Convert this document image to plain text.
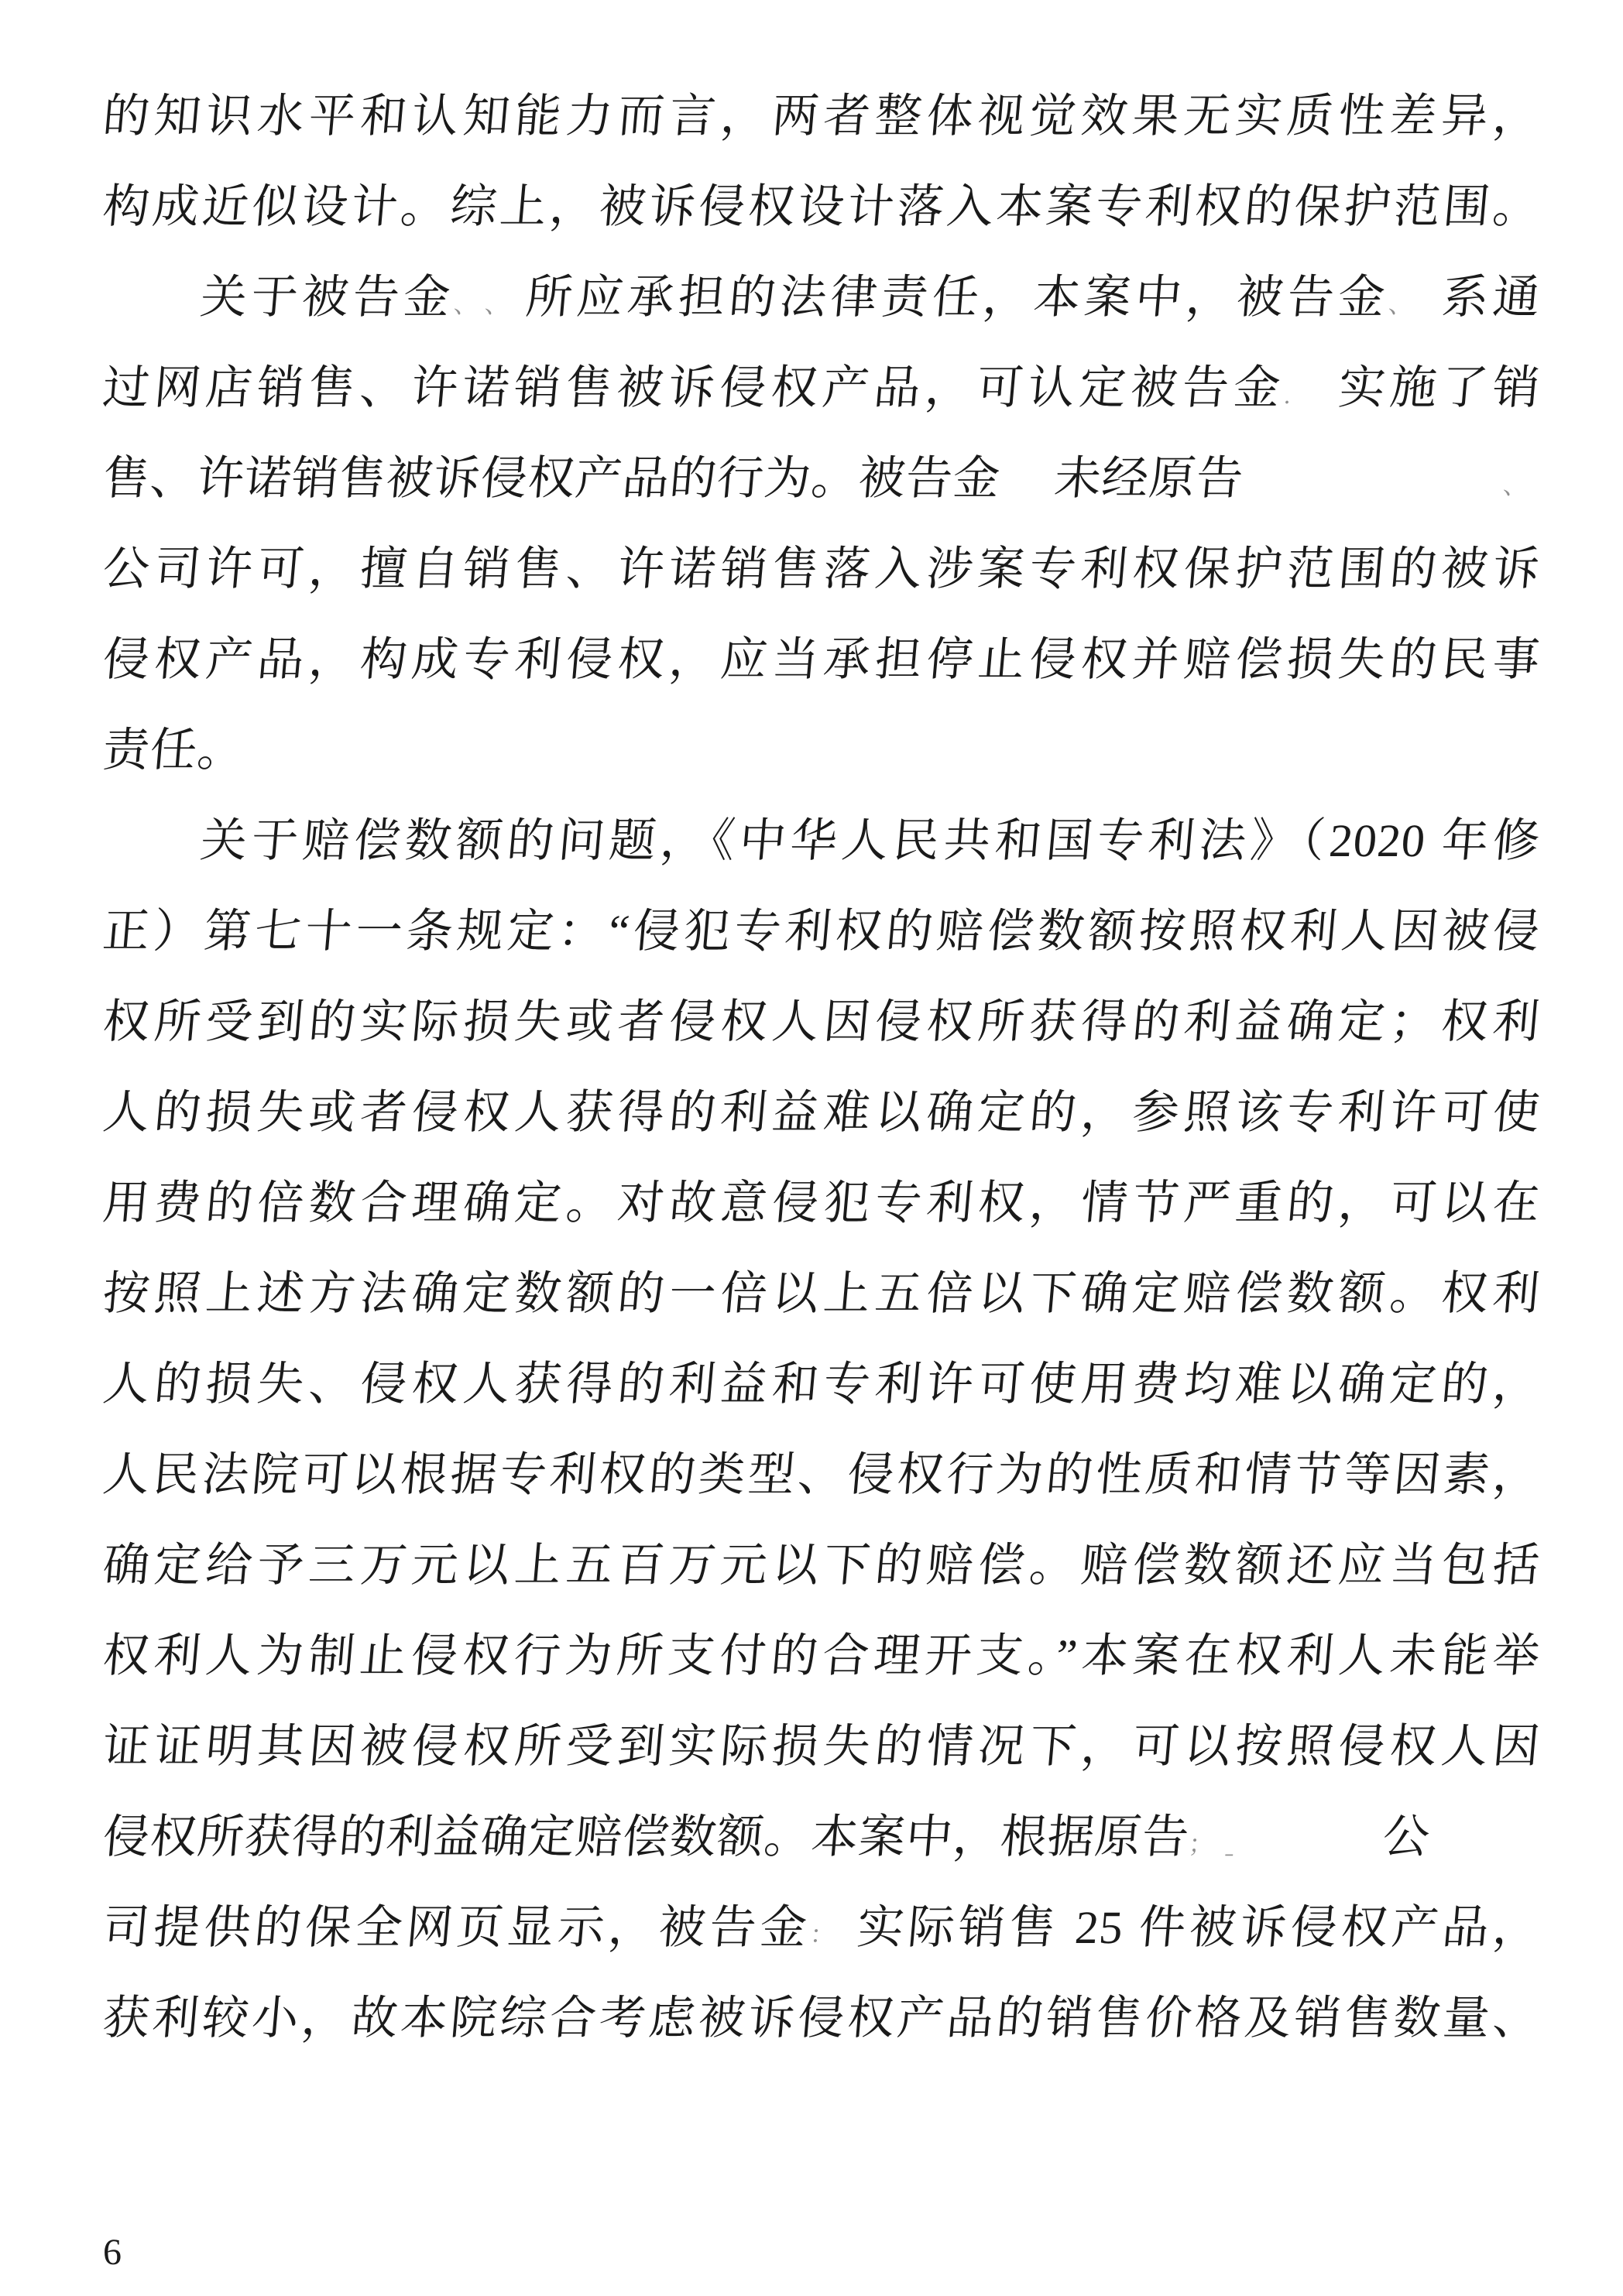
的知识水平和认知能力而言，两者整体视觉效果无实质性差异，
构成近似设计。综上，被诉侵权设计落入本案专利权的保护范围。
关于被告金、、所应承担的法律责任，本案中，被告金、 系通
过网店销售、许诺销售被诉侵权产品，可认定被告金. 实施了销
售、许诺销售被诉侵权产品的行为。被告金 未经原告	、
公司许可，擅自销售、许诺销售落入涉案专利权保护范围的被诉
侵权产品，构成专利侵权，应当承担停止侵权并赔偿损失的民事
责任。
关于赔偿数额的问题，《中华人民共和国专利法》（2020 年修
正）第七十一条规定：“侵犯专利权的赔偿数额按照权利人因被侵
权所受到的实际损失或者侵权人因侵权所获得的利益确定；权利
人的损失或者侵权人获得的利益难以确定的，参照该专利许可使
用费的倍数合理确定。对故意侵犯专利权，情节严重的，可以在
按照上述方法确定数额的一倍以上五倍以下确定赔偿数额。权利
人的损失、侵权人获得的利益和专利许可使用费均难以确定的，
人民法院可以根据专利权的类型、侵权行为的性质和情节等因素，
确定给予三万元以上五百万元以下的赔偿。赔偿数额还应当包括
权利人为制止侵权行为所支付的合理开支。”本案在权利人未能举
证证明其因被侵权所受到实际损失的情况下，可以按照侵权人因
侵权所获得的利益确定赔偿数额。本案中，根据原告；ˍ	公
司提供的保全网页显示，被告金：实际销售 25 件被诉侵权产品，
获利较小，故本院综合考虑被诉侵权产品的销售价格及销售数量、
6
